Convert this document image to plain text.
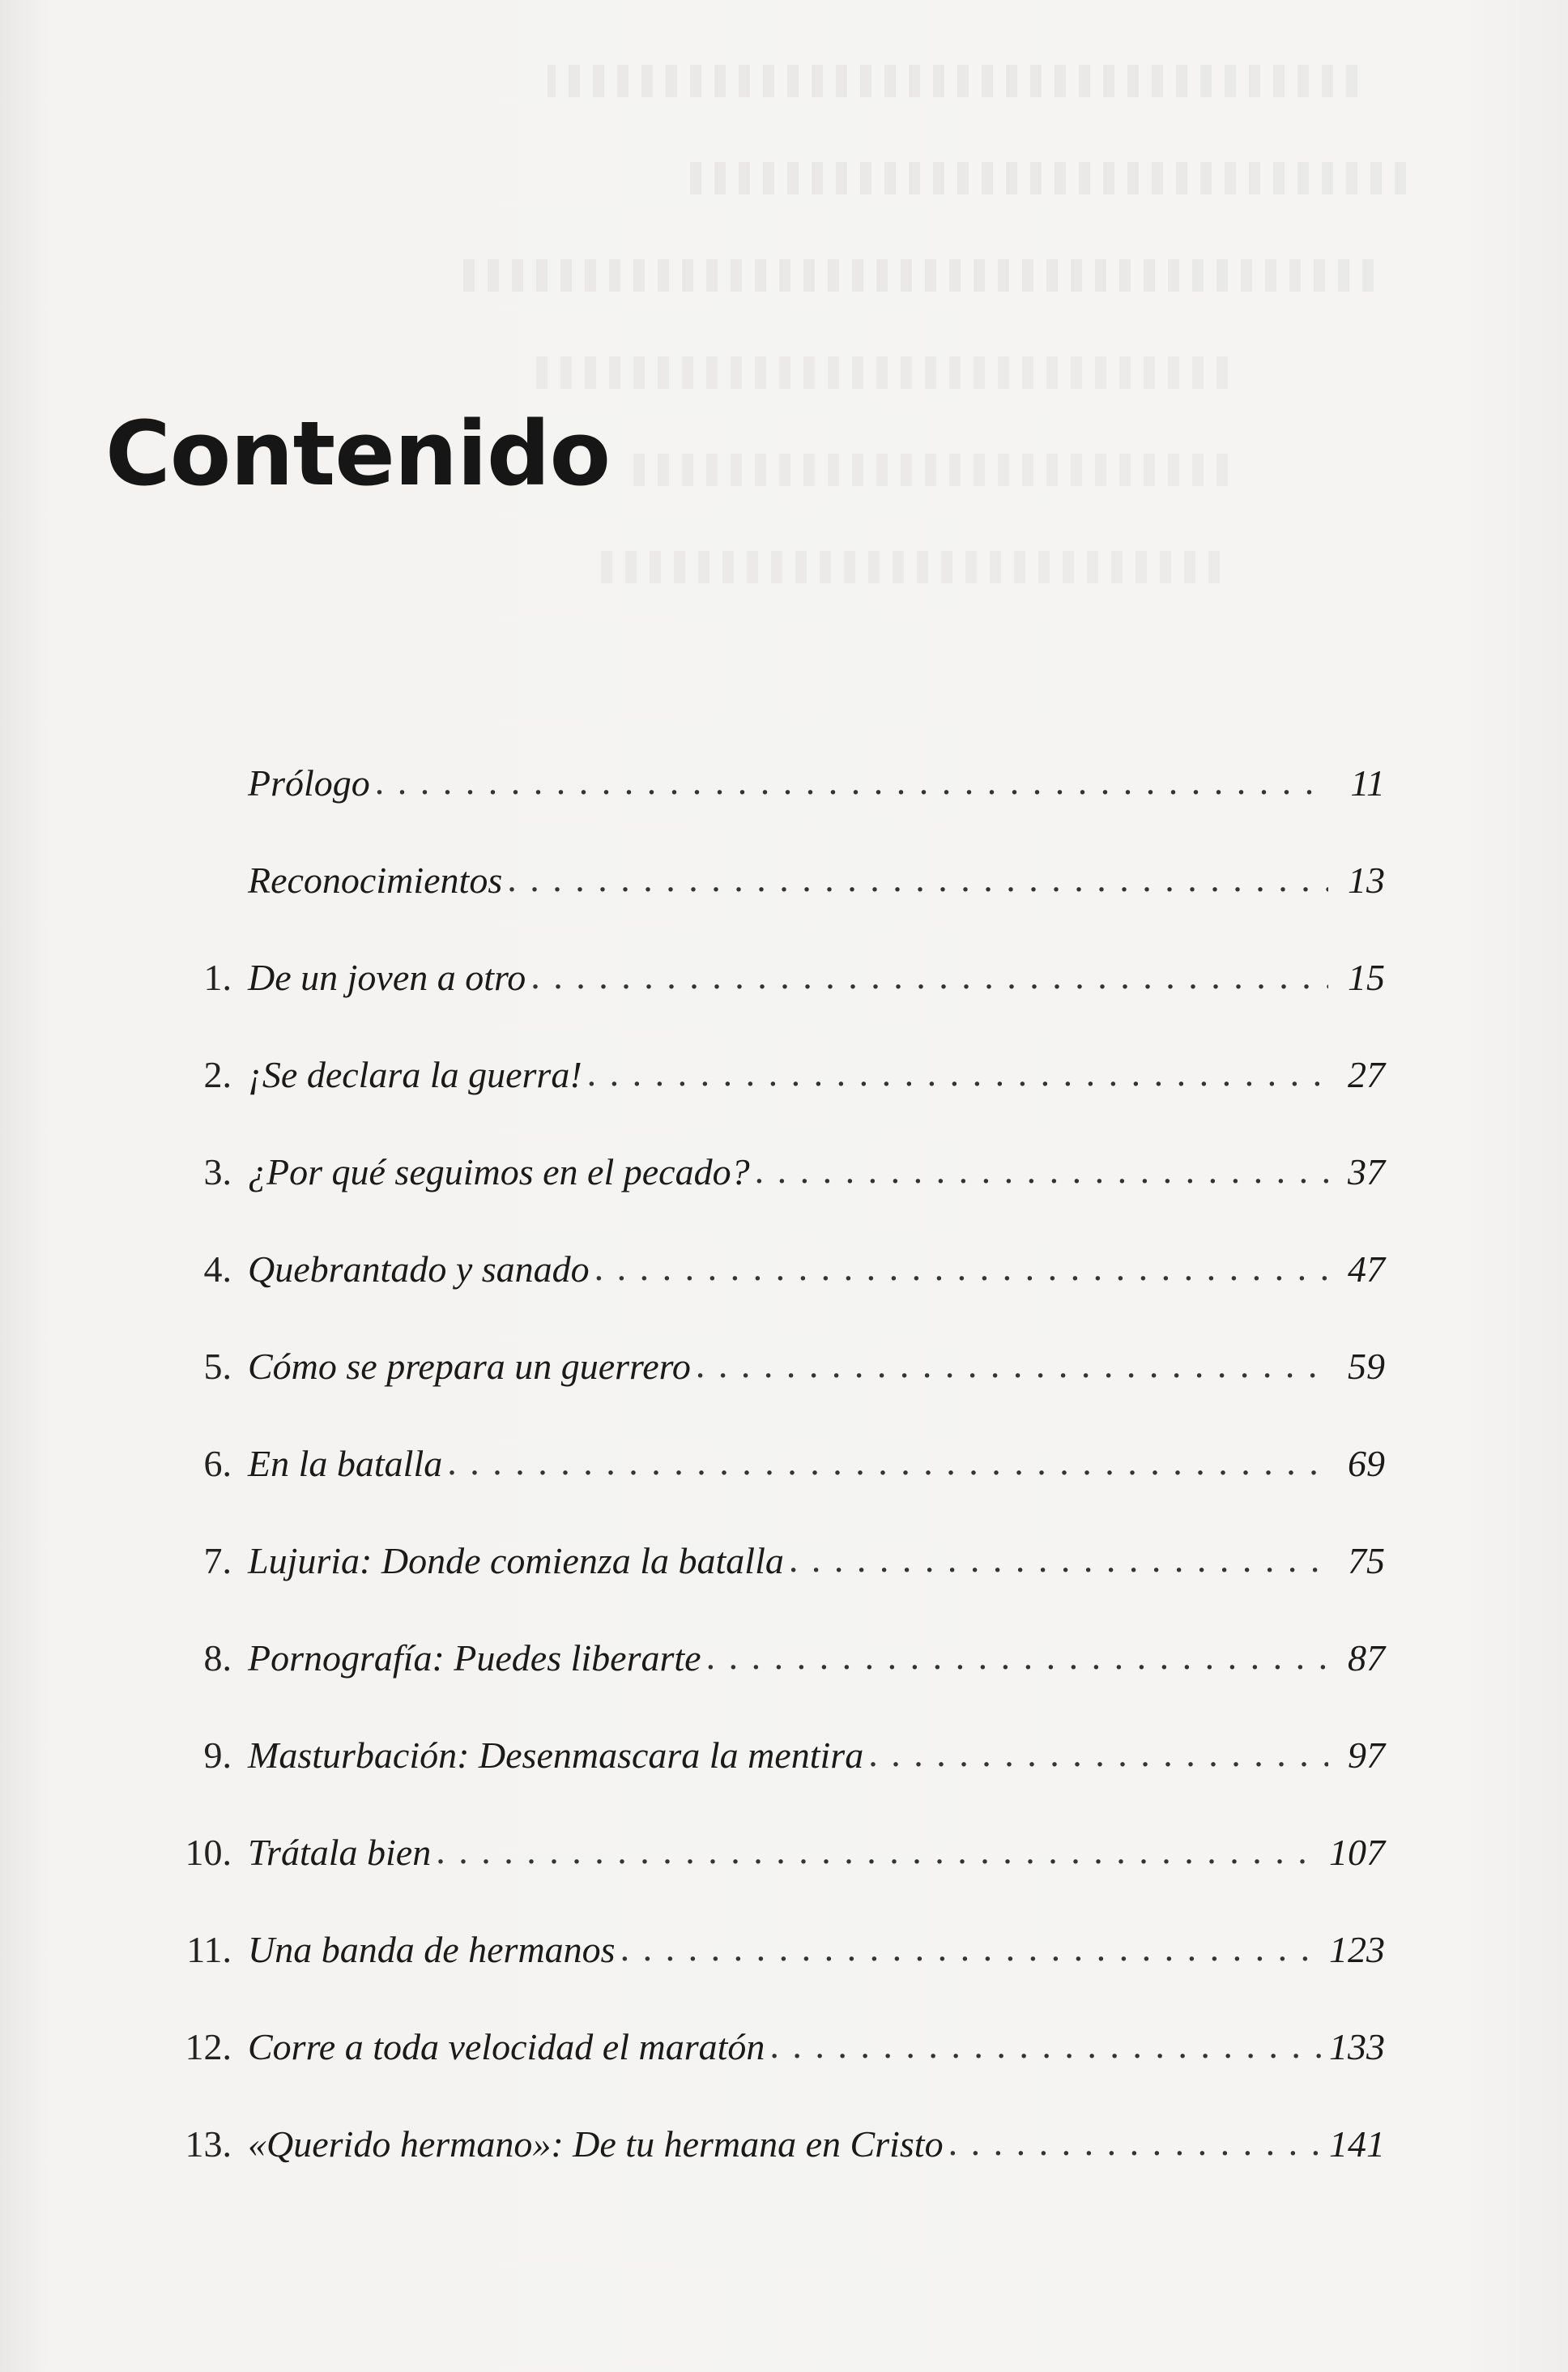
Contenido
Prólogo . . .	11
Reconocimientos . . .	13
1. De un joven a otro . . .	15
2. ¡Se declara la guerra! . . .	27
3. ¿Por qué seguimos en el pecado? . . .	37
4. Quebrantado y sanado . . .	47
5. Cómo se prepara un guerrero . . .	59
6. En la batalla . . .	69
7. Lujuria: Donde comienza la batalla . . .	75
8. Pornografía: Puedes liberarte . . .	87
9. Masturbación: Desenmascara la mentira . . .	97
10. Trátala bien . . .	107
11. Una banda de hermanos . . .	123
12. Corre a toda velocidad el maratón . . .	133
13. «Querido hermano»: De tu hermana en Cristo . . .	141
